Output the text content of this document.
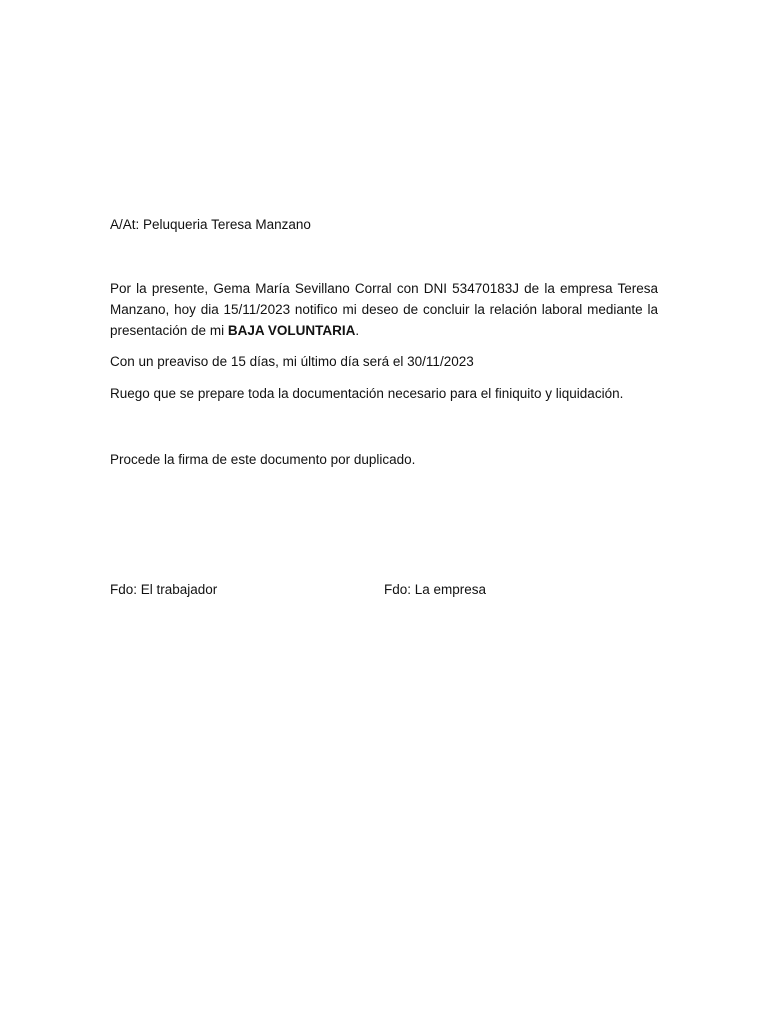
A/At: Peluqueria Teresa Manzano

Por la presente, Gema María Sevillano Corral con DNI 53470183J de la empresa Teresa Manzano, hoy dia 15/11/2023 notifico mi deseo de concluir la relación laboral mediante la presentación de mi BAJA VOLUNTARIA.

Con un preaviso de 15 días, mi último día será el 30/11/2023

Ruego que se prepare toda la documentación necesario para el finiquito y liquidación.

Procede la firma de este documento por duplicado.

Fdo: El trabajador	Fdo: La empresa
